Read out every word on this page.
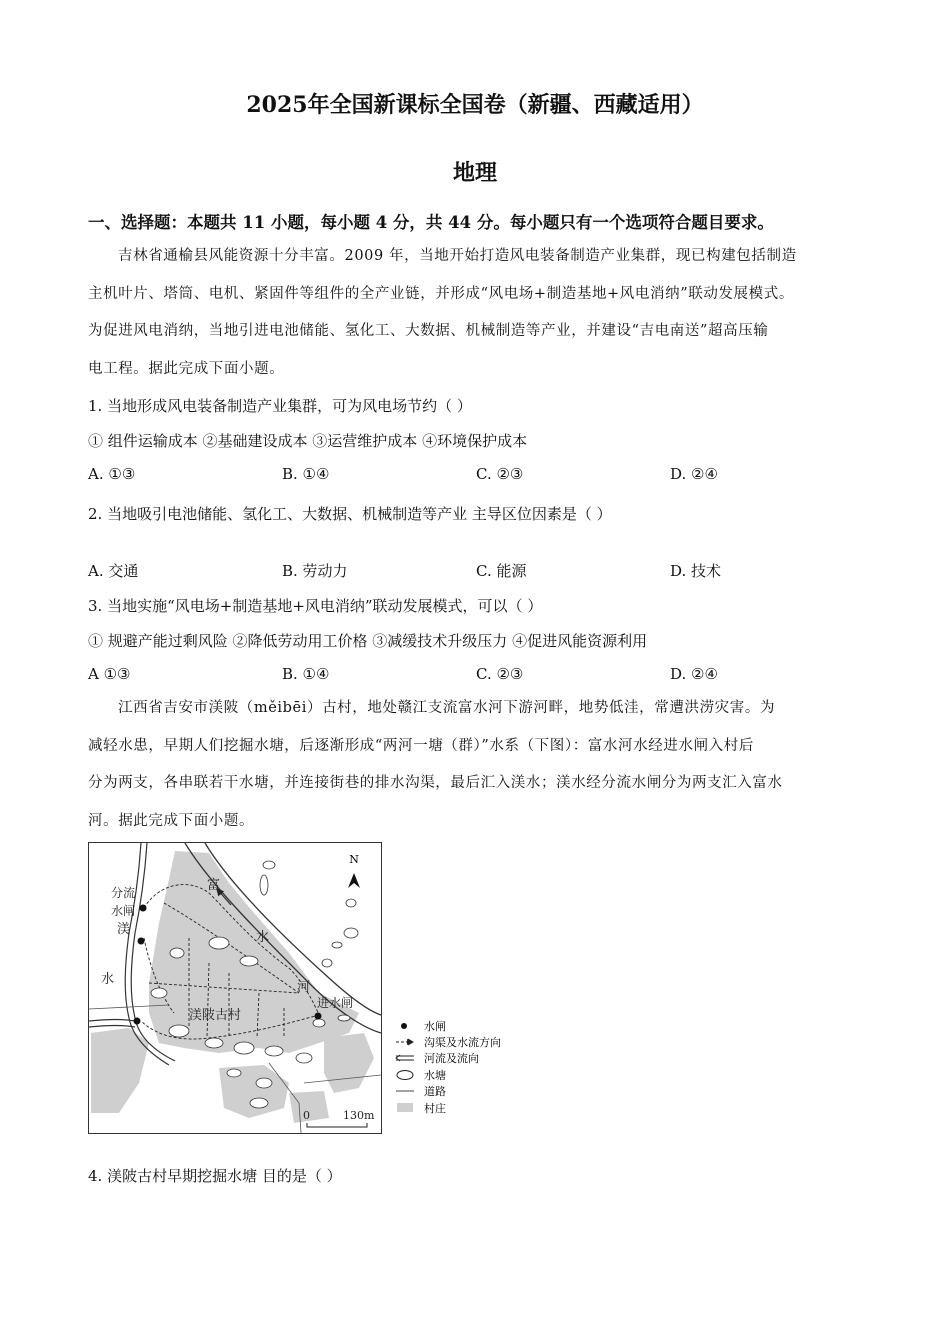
2025年全国新课标全国卷（新疆、西藏适用）
地理
一、选择题：本题共 11 小题，每小题 4 分，共 44 分。每小题只有一个选项符合题目要求。
吉林省通榆县风能资源十分丰富。2009 年，当地开始打造风电装备制造产业集群，现已构建包括制造
主机叶片、塔筒、电机、紧固件等组件的全产业链，并形成“风电场+制造基地+风电消纳”联动发展模式。
为促进风电消纳，当地引进电池储能、氢化工、大数据、机械制造等产业，并建设“吉电南送”超高压输
电工程。据此完成下面小题。
1. 当地形成风电装备制造产业集群，可为风电场节约（ ）
① 组件运输成本 ②基础建设成本 ③运营维护成本 ④环境保护成本
A. ①③	B. ①④	C. ②③	D. ②④
2. 当地吸引电池储能、氢化工、大数据、机械制造等产业 主导区位因素是（ ）
A. 交通	B. 劳动力	C. 能源	D. 技术
3. 当地实施“风电场+制造基地+风电消纳”联动发展模式，可以（ ）
① 规避产能过剩风险 ②降低劳动用工价格 ③减缓技术升级压力 ④促进风能资源利用
A ①③	B. ①④	C. ②③	D. ②④
江西省吉安市渼陂（měibēi）古村，地处赣江支流富水河下游河畔，地势低洼，常遭洪涝灾害。为
减轻水患，早期人们挖掘水塘，后逐渐形成“两河一塘（群）”水系（下图）：富水河水经进水闸入村后
分为两支，各串联若干水塘，并连接街巷的排水沟渠，最后汇入渼水；渼水经分流水闸分为两支汇入富水
河。据此完成下面小题。
N
富
水
河
渼
水
分流
水闸
进水闸
渼陂古村
0	130m
水闸
沟渠及水流方向
河流及流向
水塘
道路
村庄
4. 渼陂古村早期挖掘水塘 目的是（ ）
